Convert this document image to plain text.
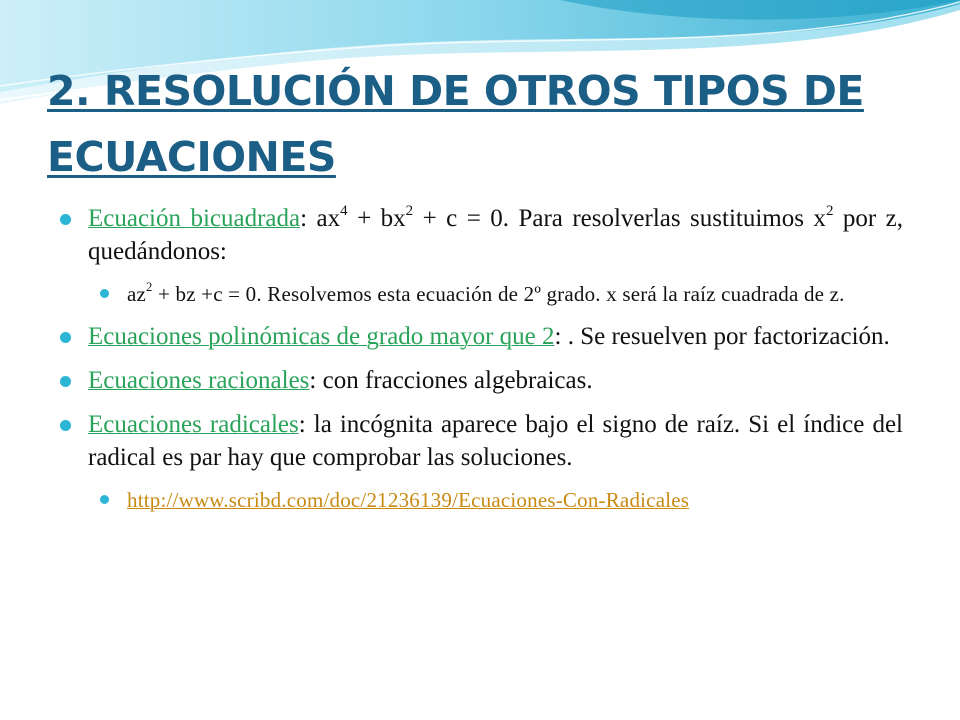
2. RESOLUCIÓN DE OTROS TIPOS DE ECUACIONES
Ecuación bicuadrada: $ax^4 + bx^2 + c = 0$. Para resolverlas sustituimos $x^2$ por z, quedándonos:
$az^2$ + bz +c = 0. Resolvemos esta ecuación de 2º grado. x será la raíz cuadrada de z.
Ecuaciones polinómicas de grado mayor que 2: . Se resuelven por factorización.
Ecuaciones racionales: con fracciones algebraicas.
Ecuaciones radicales: la incógnita aparece bajo el signo de raíz. Si el índice del radical es par hay que comprobar las soluciones.
http://www.scribd.com/doc/21236139/Ecuaciones-Con-Radicales
